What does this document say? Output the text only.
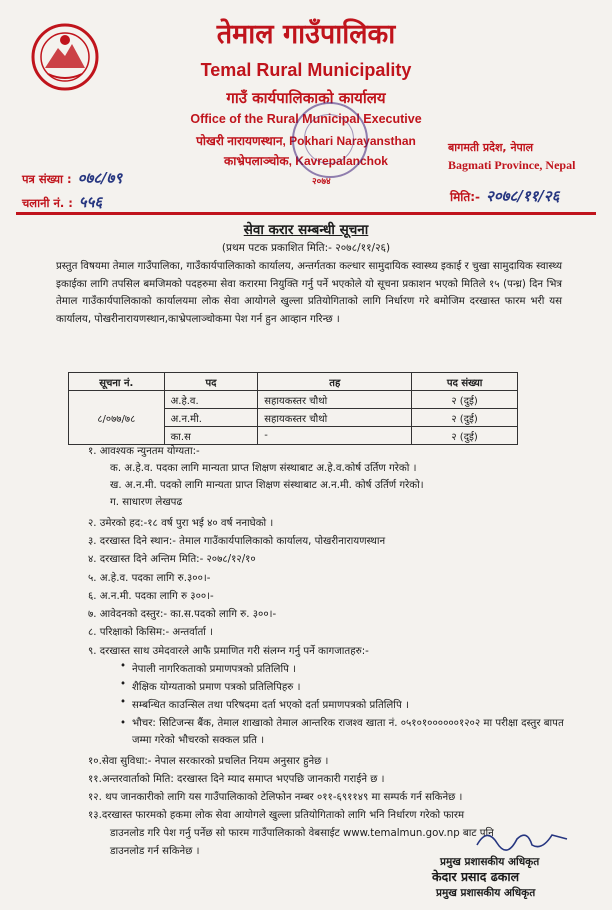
तेमाल गाउँपालिका
Temal Rural Municipality
गाउँ कार्यपालिकाको कार्यालय
Office of the Rural Municipal Executive
पोखरी नारायणस्थान, Pokhari Narayansthan
काभ्रेपलाञ्चोक, Kavrepalanchok
२०७४
बागमती प्रदेश, नेपाल
Bagmati Province, Nepal
पत्र संख्या : ०७८/७९
चलानी नं. : ५५६	मिति:- २०७८/११/२६
सेवा करार सम्बन्धी सूचना
(प्रथम पटक प्रकाशित मिति:- २०७८/११/२६)
प्रस्तुत विषयमा तेमाल गाउँपालिका, गाउँकार्यपालिकाको कार्यालय, अन्तर्गतका कल्धार सामुदायिक स्वास्थ्य इकाई र चुखा सामुदायिक स्वास्थ्य इकाईका लागि तपसिल बमजिमको पदहरुमा सेवा करारमा नियुक्ति गर्नु पर्ने भएकोले यो सूचना प्रकाशन भएको मितिले १५ (पन्ध्र) दिन भित्र तेमाल गाउँकार्यपालिकाको कार्यालयमा लोक सेवा आयोगले खुल्ला प्रतियोगिताको लागि निर्धारण गरे बमोजिम दरखास्त फारम भरी यस कार्यालय, पोखरीनारायणस्थान,काभ्रेपलाञ्चोकमा पेश गर्न हुन आव्हान गरिन्छ ।
सूचना नं.	पद	तह	पद संख्या
८/०७७/७८	अ.हे.व.	सहायकस्तर चौथो	२ (दुई)
	अ.न.मी.	सहायकस्तर चौथो	२ (दुई)
	का.स	-	२ (दुई)
१. आवश्यक न्युनतम योग्यता:-
क. अ.हे.व. पदका लागि मान्यता प्राप्त शिक्षण संस्थाबाट अ.हे.व.कोर्ष उर्तिण गरेको ।
ख. अ.न.मी. पदको लागि मान्यता प्राप्त शिक्षण संस्थाबाट अ.न.मी. कोर्ष उर्तिर्ण गरेको।
ग. साधारण लेखपढ
२. उमेरको हद:-१८ वर्ष पुरा भई ४० वर्ष ननाघेको ।
३. दरखास्त दिने स्थान:- तेमाल गाउँकार्यपालिकाको कार्यालय, पोखरीनारायणस्थान
४. दरखास्त दिने अन्तिम मिति:- २०७८/१२/१०
५. अ.हे.व. पदका लागि रु.३००।-
६. अ.न.मी. पदका लागि रु ३००।-
७. आवेदनको दस्तुर:- का.स.पदको लागि रु. ३००।-
८. परिक्षाको किसिम:- अन्तर्वार्ता ।
९. दरखास्त साथ उमेदवारले आफै प्रमाणित गरी संलग्न गर्नु पर्ने कागजातहरु:-
• नेपाली नागरिकताको प्रमाणपत्रको प्रतिलिपि ।
• शैक्षिक योग्यताको प्रमाण पत्रको प्रतिलिपिहरु ।
• सम्बन्धित काउन्सिल तथा परिषदमा दर्ता भएको दर्ता प्रमाणपत्रको प्रतिलिपि ।
• भौचर: सिटिजन्स बैंक, तेमाल शाखाको तेमाल आन्तरिक राजश्व खाता नं. ०५१०१००००००१२०२ मा परीक्षा दस्तुर बापत जम्मा गरेको भौचरको सक्कल प्रति ।
१०.सेवा सुविधा:- नेपाल सरकारको प्रचलित नियम अनुसार हुनेछ ।
११.अन्तरवार्ताको मिति: दरखास्त दिने म्याद समाप्त भएपछि जानकारी गराईने छ ।
१२. थप जानकारीको लागि यस गाउँपालिकाको टेलिफोन नम्बर ०११-६९११४९ मा सम्पर्क गर्न सकिनेछ ।
१३.दरखास्त फारमको हकमा लोक सेवा आयोगले खुल्ला प्रतियोगिताको लागि भनि निर्धारण गरेको फारम
डाउनलोड गरि पेश गर्नु पर्नेछ सो फारम गाउँपालिकाको वेबसाईट www.temalmun.gov.np बाट पनि
डाउनलोड गर्न सकिनेछ ।
प्रमुख प्रशासकीय अधिकृत
केदार प्रसाद ढकाल
प्रमुख प्रशासकीय अधिकृत
